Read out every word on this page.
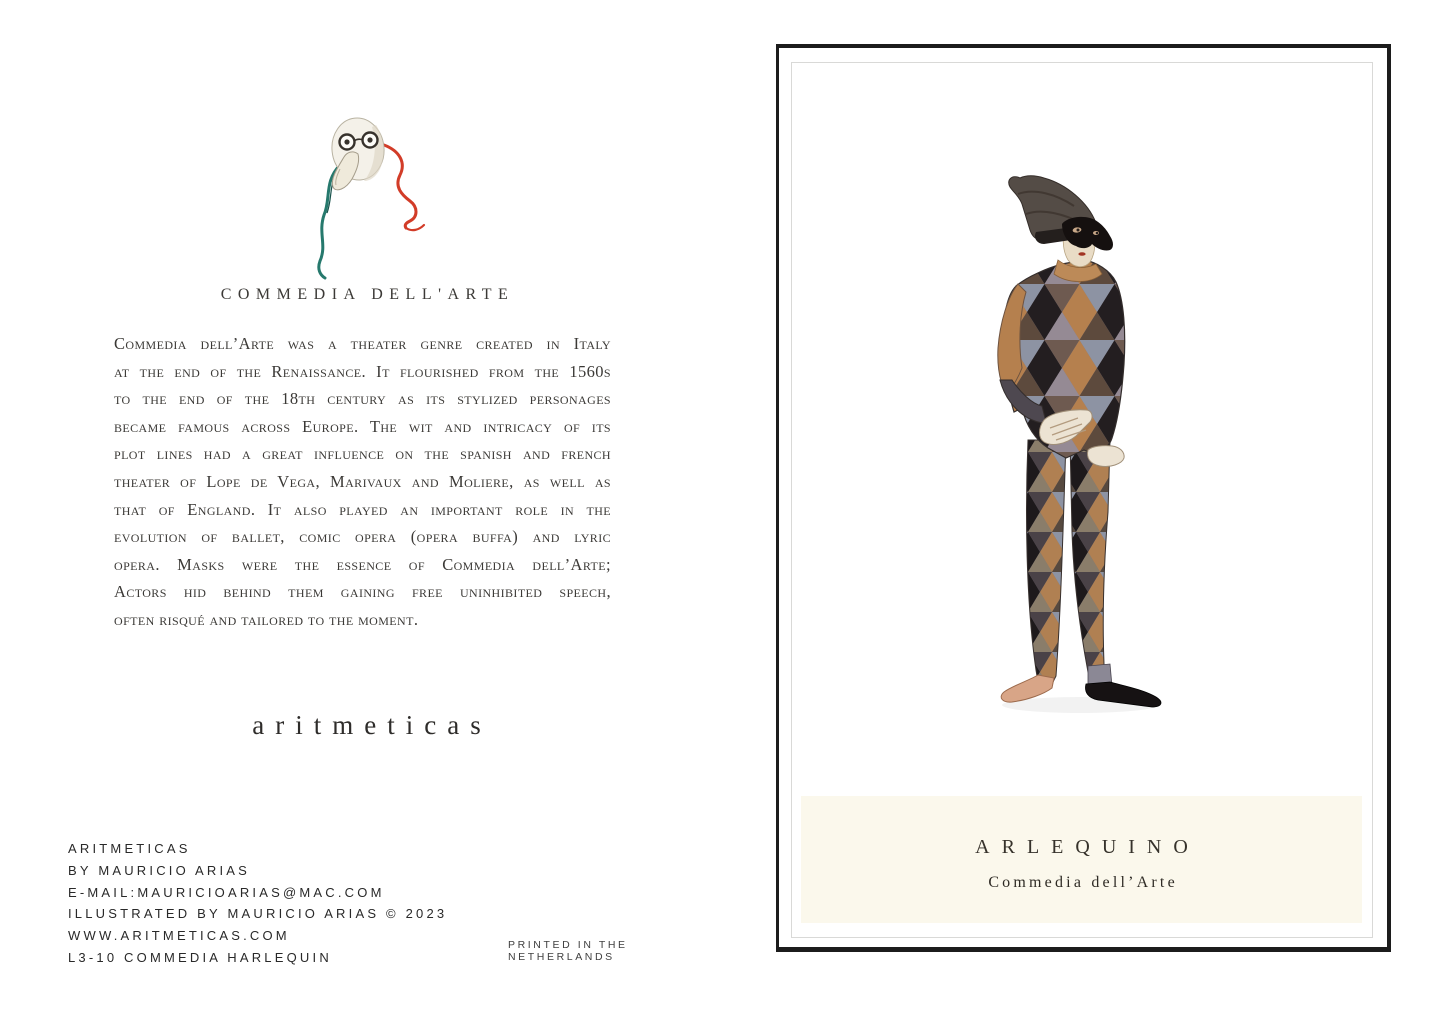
COMMEDIA DELL'ARTE
Commedia dell’Arte was a theater genre created in Italy
at the end of the Renaissance. It flourished from the 1560s
to the end of the 18th century as its stylized personages
became famous across Europe. The wit and intricacy of its
plot lines had a great influence on the spanish and french
theater of Lope de Vega, Marivaux and Moliere, as well as
that of England. It also played an important role in the
evolution of ballet, comic opera (opera buffa) and lyric
opera. Masks were the essence of Commedia dell’Arte;
Actors hid behind them gaining free uninhibited speech,
often risqué and tailored to the moment.
aritmeticas
ARITMETICAS
BY MAURICIO ARIAS
E-MAIL:MAURICIOARIAS@MAC.COM
ILLUSTRATED BY MAURICIO ARIAS © 2023
WWW.ARITMETICAS.COM
L3-10 COMMEDIA HARLEQUIN
PRINTED IN THE NETHERLANDS
ARLEQUINO
Commedia dell’Arte
